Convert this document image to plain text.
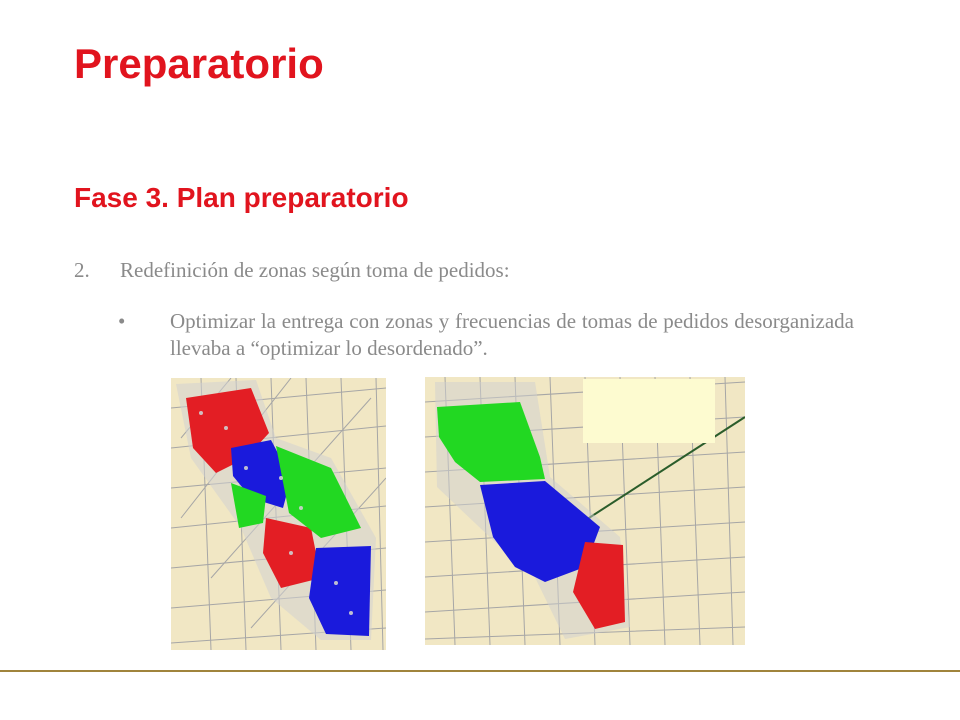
Preparatorio
Fase 3. Plan preparatorio
2. Redefinición de zonas según toma de pedidos:
• Optimizar la entrega con zonas y frecuencias de tomas de pedidos desorganizada llevaba a “optimizar lo desordenado”.
